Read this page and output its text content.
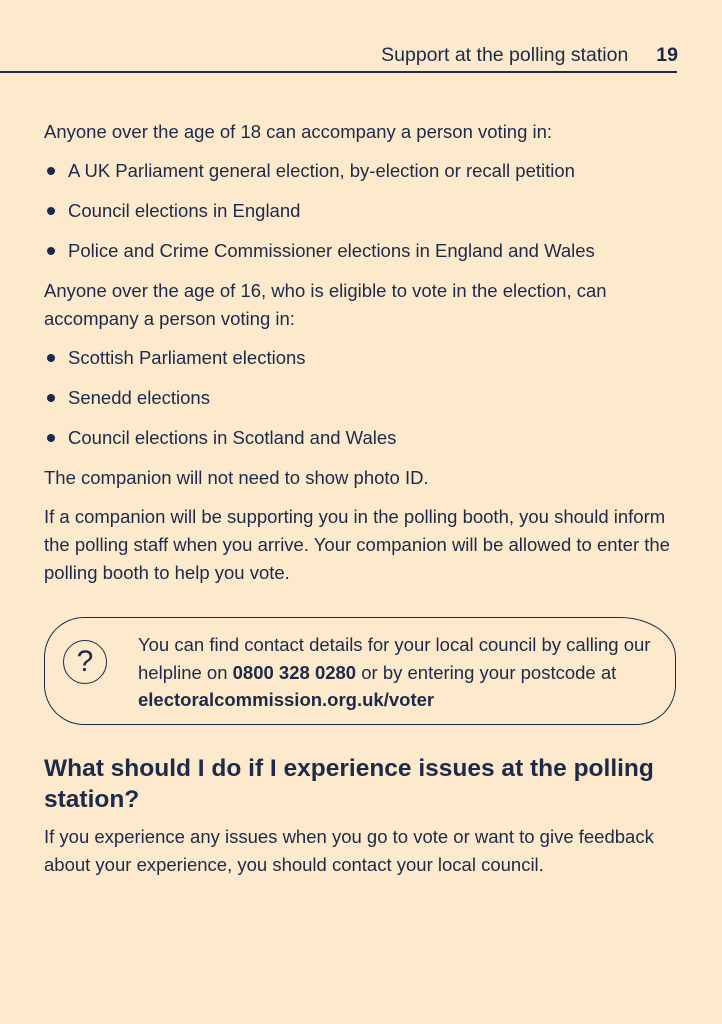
Support at the polling station 19

Anyone over the age of 18 can accompany a person voting in:

A UK Parliament general election, by-election or recall petition
Council elections in England
Police and Crime Commissioner elections in England and Wales

Anyone over the age of 16, who is eligible to vote in the election, can accompany a person voting in:

Scottish Parliament elections
Senedd elections
Council elections in Scotland and Wales

The companion will not need to show photo ID.

If a companion will be supporting you in the polling booth, you should inform the polling staff when you arrive. Your companion will be allowed to enter the polling booth to help you vote.

?
You can find contact details for your local council by calling our helpline on 0800 328 0280 or by entering your postcode at electoralcommission.org.uk/voter
What should I do if I experience issues at the polling station?

If you experience any issues when you go to vote or want to give feedback about your experience, you should contact your local council.
